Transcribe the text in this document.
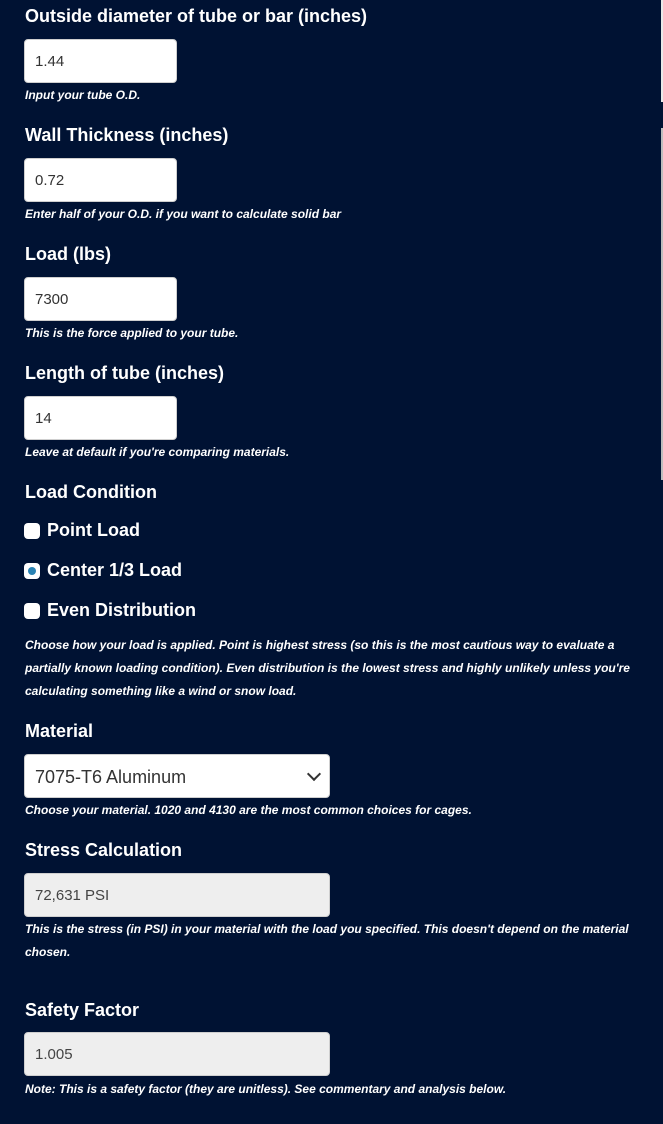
Outside diameter of tube or bar (inches)
1.44
Input your tube O.D.
Wall Thickness (inches)
0.72
Enter half of your O.D. if you want to calculate solid bar
Load (lbs)
7300
This is the force applied to your tube.
Length of tube (inches)
14
Leave at default if you're comparing materials.
Load Condition
Point Load
Center 1/3 Load
Even Distribution
Choose how your load is applied. Point is highest stress (so this is the most cautious way to evaluate a partially known loading condition). Even distribution is the lowest stress and highly unlikely unless you're calculating something like a wind or snow load.
Material
7075-T6 Aluminum
Choose your material. 1020 and 4130 are the most common choices for cages.
Stress Calculation
72,631 PSI
This is the stress (in PSI) in your material with the load you specified. This doesn't depend on the material chosen.
Safety Factor
1.005
Note: This is a safety factor (they are unitless). See commentary and analysis below.
